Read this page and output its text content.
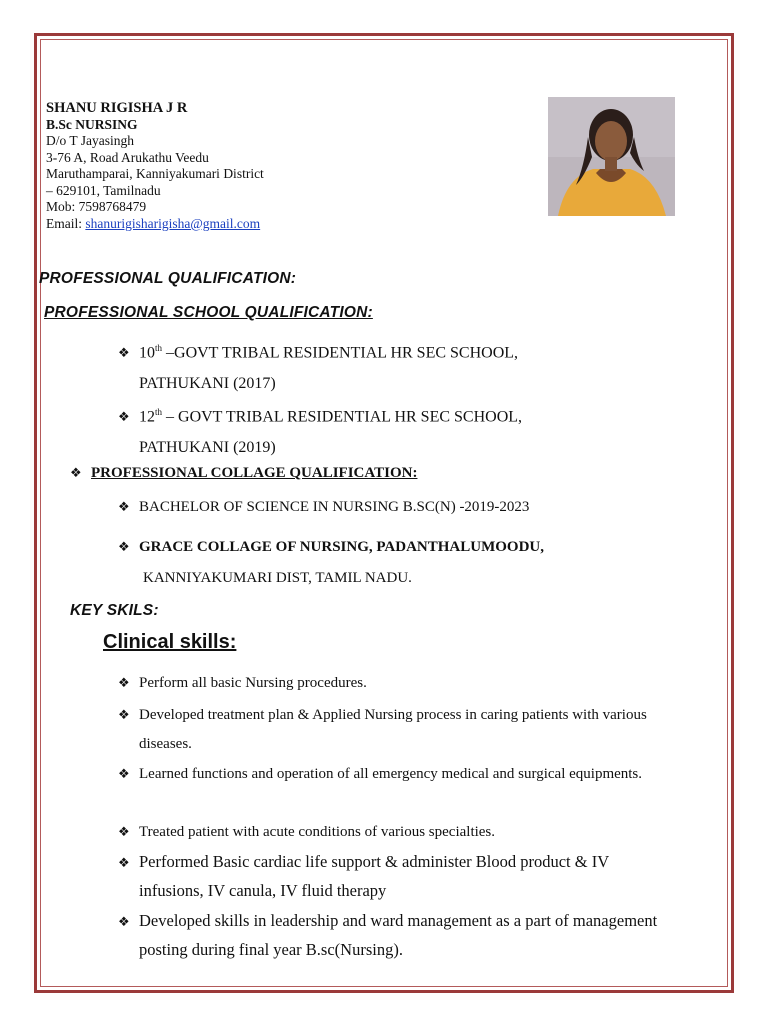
SHANU RIGISHA J R
B.Sc NURSING
D/o T Jayasingh
3-76 A, Road Arukathu Veedu
Maruthamparai, Kanniyakumari District
– 629101, Tamilnadu
Mob: 7598768479
Email: shanurigisharigisha@gmail.com
PROFESSIONAL QUALIFICATION:
PROFESSIONAL SCHOOL QUALIFICATION:
❖ 10th –GOVT TRIBAL RESIDENTIAL HR SEC SCHOOL,
PATHUKANI (2017)
❖ 12th – GOVT TRIBAL RESIDENTIAL HR SEC SCHOOL,
PATHUKANI (2019)
❖ PROFESSIONAL COLLAGE QUALIFICATION:
❖ BACHELOR OF SCIENCE IN NURSING B.SC(N) -2019-2023
❖ GRACE COLLAGE OF NURSING, PADANTHALUMOODU,
KANNIYAKUMARI DIST, TAMIL NADU.
KEY SKILS:
Clinical skills:
❖ Perform all basic Nursing procedures.
❖ Developed treatment plan & Applied Nursing process in caring patients with various diseases.
❖ Learned functions and operation of all emergency medical and surgical equipments.
❖ Treated patient with acute conditions of various specialties.
❖ Performed Basic cardiac life support & administer Blood product & IV infusions, IV canula, IV fluid therapy
❖ Developed skills in leadership and ward management as a part of management posting during final year B.sc(Nursing).
